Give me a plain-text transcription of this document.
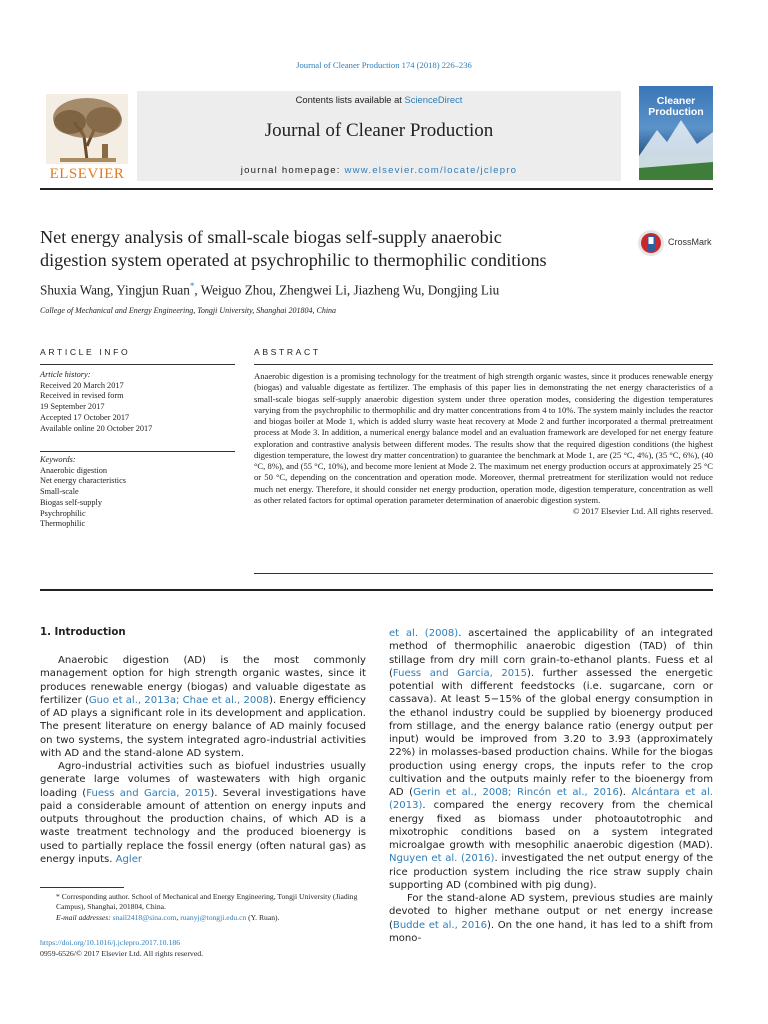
Journal of Cleaner Production 174 (2018) 226–236
ELSEVIER
Contents lists available at ScienceDirect
Journal of Cleaner Production
journal homepage: www.elsevier.com/locate/jclepro
Cleaner
Production
Net energy analysis of small-scale biogas self-supply anaerobic
digestion system operated at psychrophilic to thermophilic conditions
CrossMark
Shuxia Wang, Yingjun Ruan*, Weiguo Zhou, Zhengwei Li, Jiazheng Wu, Dongjing Liu
College of Mechanical and Energy Engineering, Tongji University, Shanghai 201804, China
ARTICLE INFO	ABSTRACT
Article history:
Received 20 March 2017
Received in revised form
19 September 2017
Accepted 17 October 2017
Available online 20 October 2017
Keywords:
Anaerobic digestion
Net energy characteristics
Small-scale
Biogas self-supply
Psychrophilic
Thermophilic
Anaerobic digestion is a promising technology for the treatment of high strength organic wastes, since it produces renewable energy (biogas) and valuable digestate as fertilizer. The emphasis of this paper lies in demonstrating the net energy characteristics of a small-scale biogas self-supply anaerobic digestion system under three operation modes, considering the digestion temperatures varying from the psychrophilic to thermophilic and dry matter concentrations from 4 to 10%. The system mainly includes the reactor and biogas boiler at Mode 1, which is added slurry waste heat recovery at Mode 2 and further incorporated a thermal pretreatment process at Mode 3. In addition, a numerical energy balance model and an evaluation framework are developed for net energy feature exploration and contrastive analysis between different modes. The results show that the required digestion conditions (the highest digestion temperature, the lowest dry matter concentration) to guarantee the benchmark at Mode 1, are (25 °C, 4%), (35 °C, 6%), (40 °C, 8%), and (55 °C, 10%), and become more lenient at Mode 2. The maximum net energy production occurs at approximately 25 °C or 50 °C, depending on the concentration and operation mode. Moreover, thermal pretreatment for sterilization would not reduce much net energy. Therefore, it should consider net energy production, operation mode, digestion temperature, concentration as well as other related factors for optimal operation parameter determination of anaerobic digestion system.
© 2017 Elsevier Ltd. All rights reserved.
1. Introduction

Anaerobic digestion (AD) is the most commonly management option for high strength organic wastes, since it produces renewable energy (biogas) and valuable digestate as fertilizer (Guo et al., 2013a; Chae et al., 2008). Energy efficiency of AD plays a significant role in its development and application. The present literature on energy balance of AD mainly focused on two systems, the system integrated agro-industrial activities with AD and the stand-alone AD system.

Agro-industrial activities such as biofuel industries usually generate large volumes of wastewaters with high organic loading (Fuess and Garcia, 2015). Several investigations have paid a considerable amount of attention on energy inputs and outputs throughout the production chains, of which AD is a waste treatment technology and the produced bioenergy is used to partially replace the fossil energy (often natural gas) as energy inputs. Agler

et al. (2008). ascertained the applicability of an integrated method of thermophilic anaerobic digestion (TAD) of thin stillage from dry mill corn grain-to-ethanol plants. Fuess et al (Fuess and Garcia, 2015). further assessed the energetic potential with different feedstocks (i.e. sugarcane, corn or cassava). At least 5−15% of the global energy consumption in the ethanol industry could be supplied by bioenergy produced from stillage, and the energy balance ratio (energy output per input) would be improved from 3.20 to 3.93 (approximately 22%) in molasses-based production chains. While for the biogas production using energy crops, the inputs refer to the crop cultivation and the outputs mainly refer to the bioenergy from AD (Gerin et al., 2008; Rincón et al., 2016). Alcántara et al. (2013). compared the energy recovery from the chemical energy fixed as biomass under photoautotrophic and mixotrophic conditions based on a system integrated microalgae growth with mesophilic anaerobic digestion (MAD). Nguyen et al. (2016). investigated the net output energy of the rice production system including the rice straw supply chain supporting AD (combined with pig dung).

For the stand-alone AD system, previous studies are mainly devoted to higher methane output or net energy increase (Budde et al., 2016). On the one hand, it has led to a shift from mono-

* Corresponding author. School of Mechanical and Energy Engineering, Tongji University (Jiading Campus), Shanghai, 201804, China.
E-mail addresses: snail2418@sina.com, ruanyj@tongji.edu.cn (Y. Ruan).
https://doi.org/10.1016/j.jclepro.2017.10.186
0959-6526/© 2017 Elsevier Ltd. All rights reserved.
